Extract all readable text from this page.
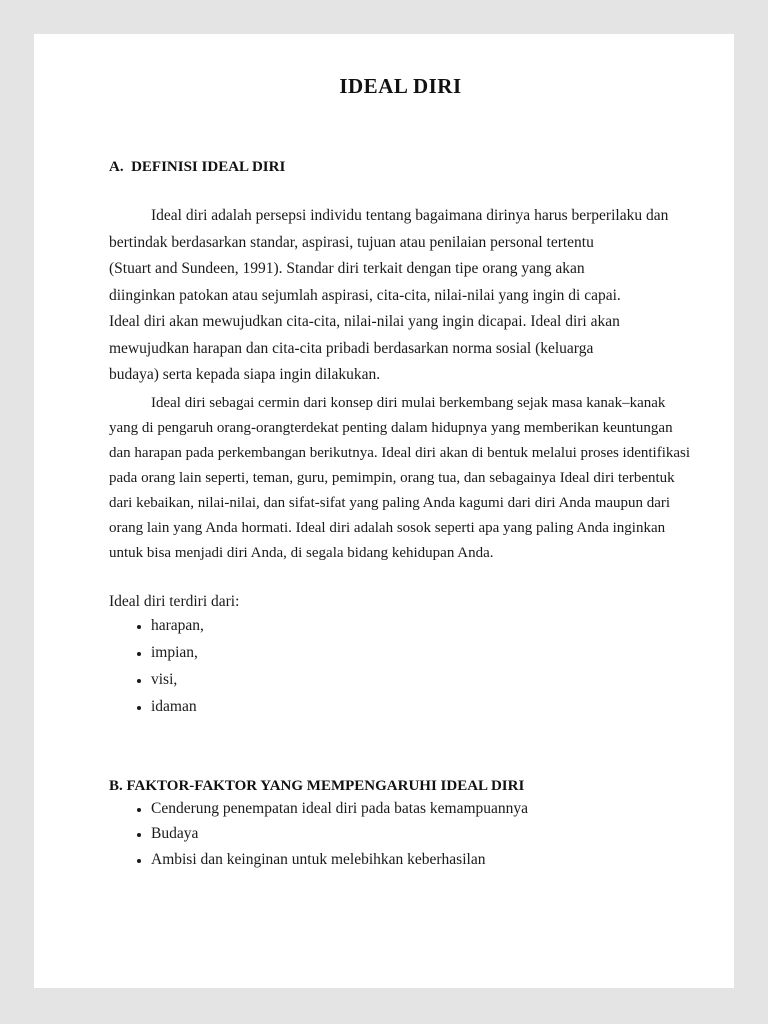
IDEAL DIRI
A.  DEFINISI IDEAL DIRI
Ideal diri adalah persepsi individu tentang bagaimana dirinya harus berperilaku dan
bertindak berdasarkan standar, aspirasi, tujuan atau penilaian personal tertentu
(Stuart and Sundeen, 1991). Standar diri terkait dengan tipe orang yang akan
diinginkan patokan atau sejumlah aspirasi, cita-cita, nilai-nilai yang ingin di capai.
Ideal diri akan mewujudkan cita-cita, nilai-nilai yang ingin dicapai. Ideal diri akan
mewujudkan harapan dan cita-cita pribadi berdasarkan norma sosial (keluarga
budaya) serta kepada siapa ingin dilakukan.
Ideal diri sebagai cermin dari konsep diri mulai berkembang sejak masa kanak–kanak
yang di pengaruh orang-orangterdekat penting dalam hidupnya yang memberikan keuntungan
dan harapan pada perkembangan berikutnya. Ideal diri akan di bentuk melalui proses identifikasi
pada orang lain seperti, teman, guru, pemimpin, orang tua, dan sebagainya Ideal diri terbentuk
dari kebaikan, nilai-nilai, dan sifat-sifat yang paling Anda kagumi dari diri Anda maupun dari
orang lain yang Anda hormati. Ideal diri adalah sosok seperti apa yang paling Anda inginkan
untuk bisa menjadi diri Anda, di segala bidang kehidupan Anda.
Ideal diri terdiri dari:
• harapan,
• impian,
• visi,
• idaman
B. FAKTOR-FAKTOR YANG MEMPENGARUHI IDEAL DIRI
• Cenderung penempatan ideal diri pada batas kemampuannya
• Budaya
• Ambisi dan keinginan untuk melebihkan keberhasilan
